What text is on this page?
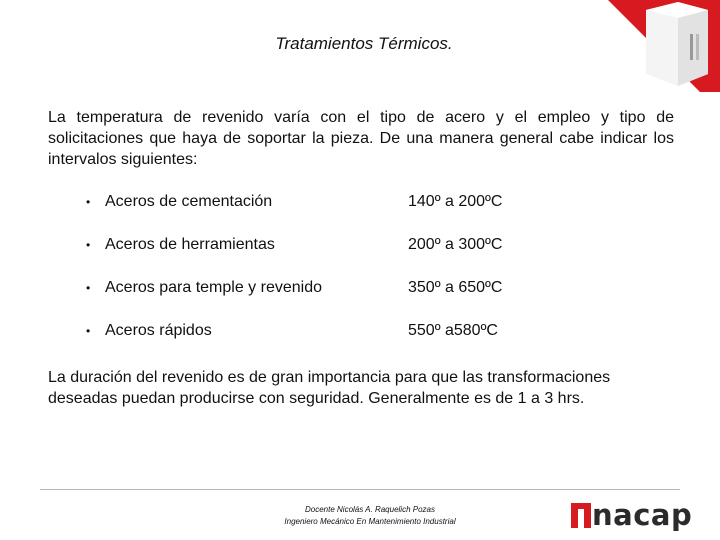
Tratamientos Térmicos.
La temperatura de revenido varía con el tipo de acero y el empleo y tipo de solicitaciones que haya de soportar la pieza. De una manera general cabe indicar los intervalos siguientes:
• Aceros de cementación	140º a 200ºC
• Aceros de herramientas	200º a 300ºC
• Aceros para temple y revenido	350º a 650ºC
• Aceros rápidos	550º a580ºC
La duración del revenido es de gran importancia para que las transformaciones deseadas puedan producirse con seguridad. Generalmente es de 1 a 3 hrs.
Docente Nicolás A. Raquelich Pozas
Ingeniero Mecánico En Mantenimiento Industrial	nacap
